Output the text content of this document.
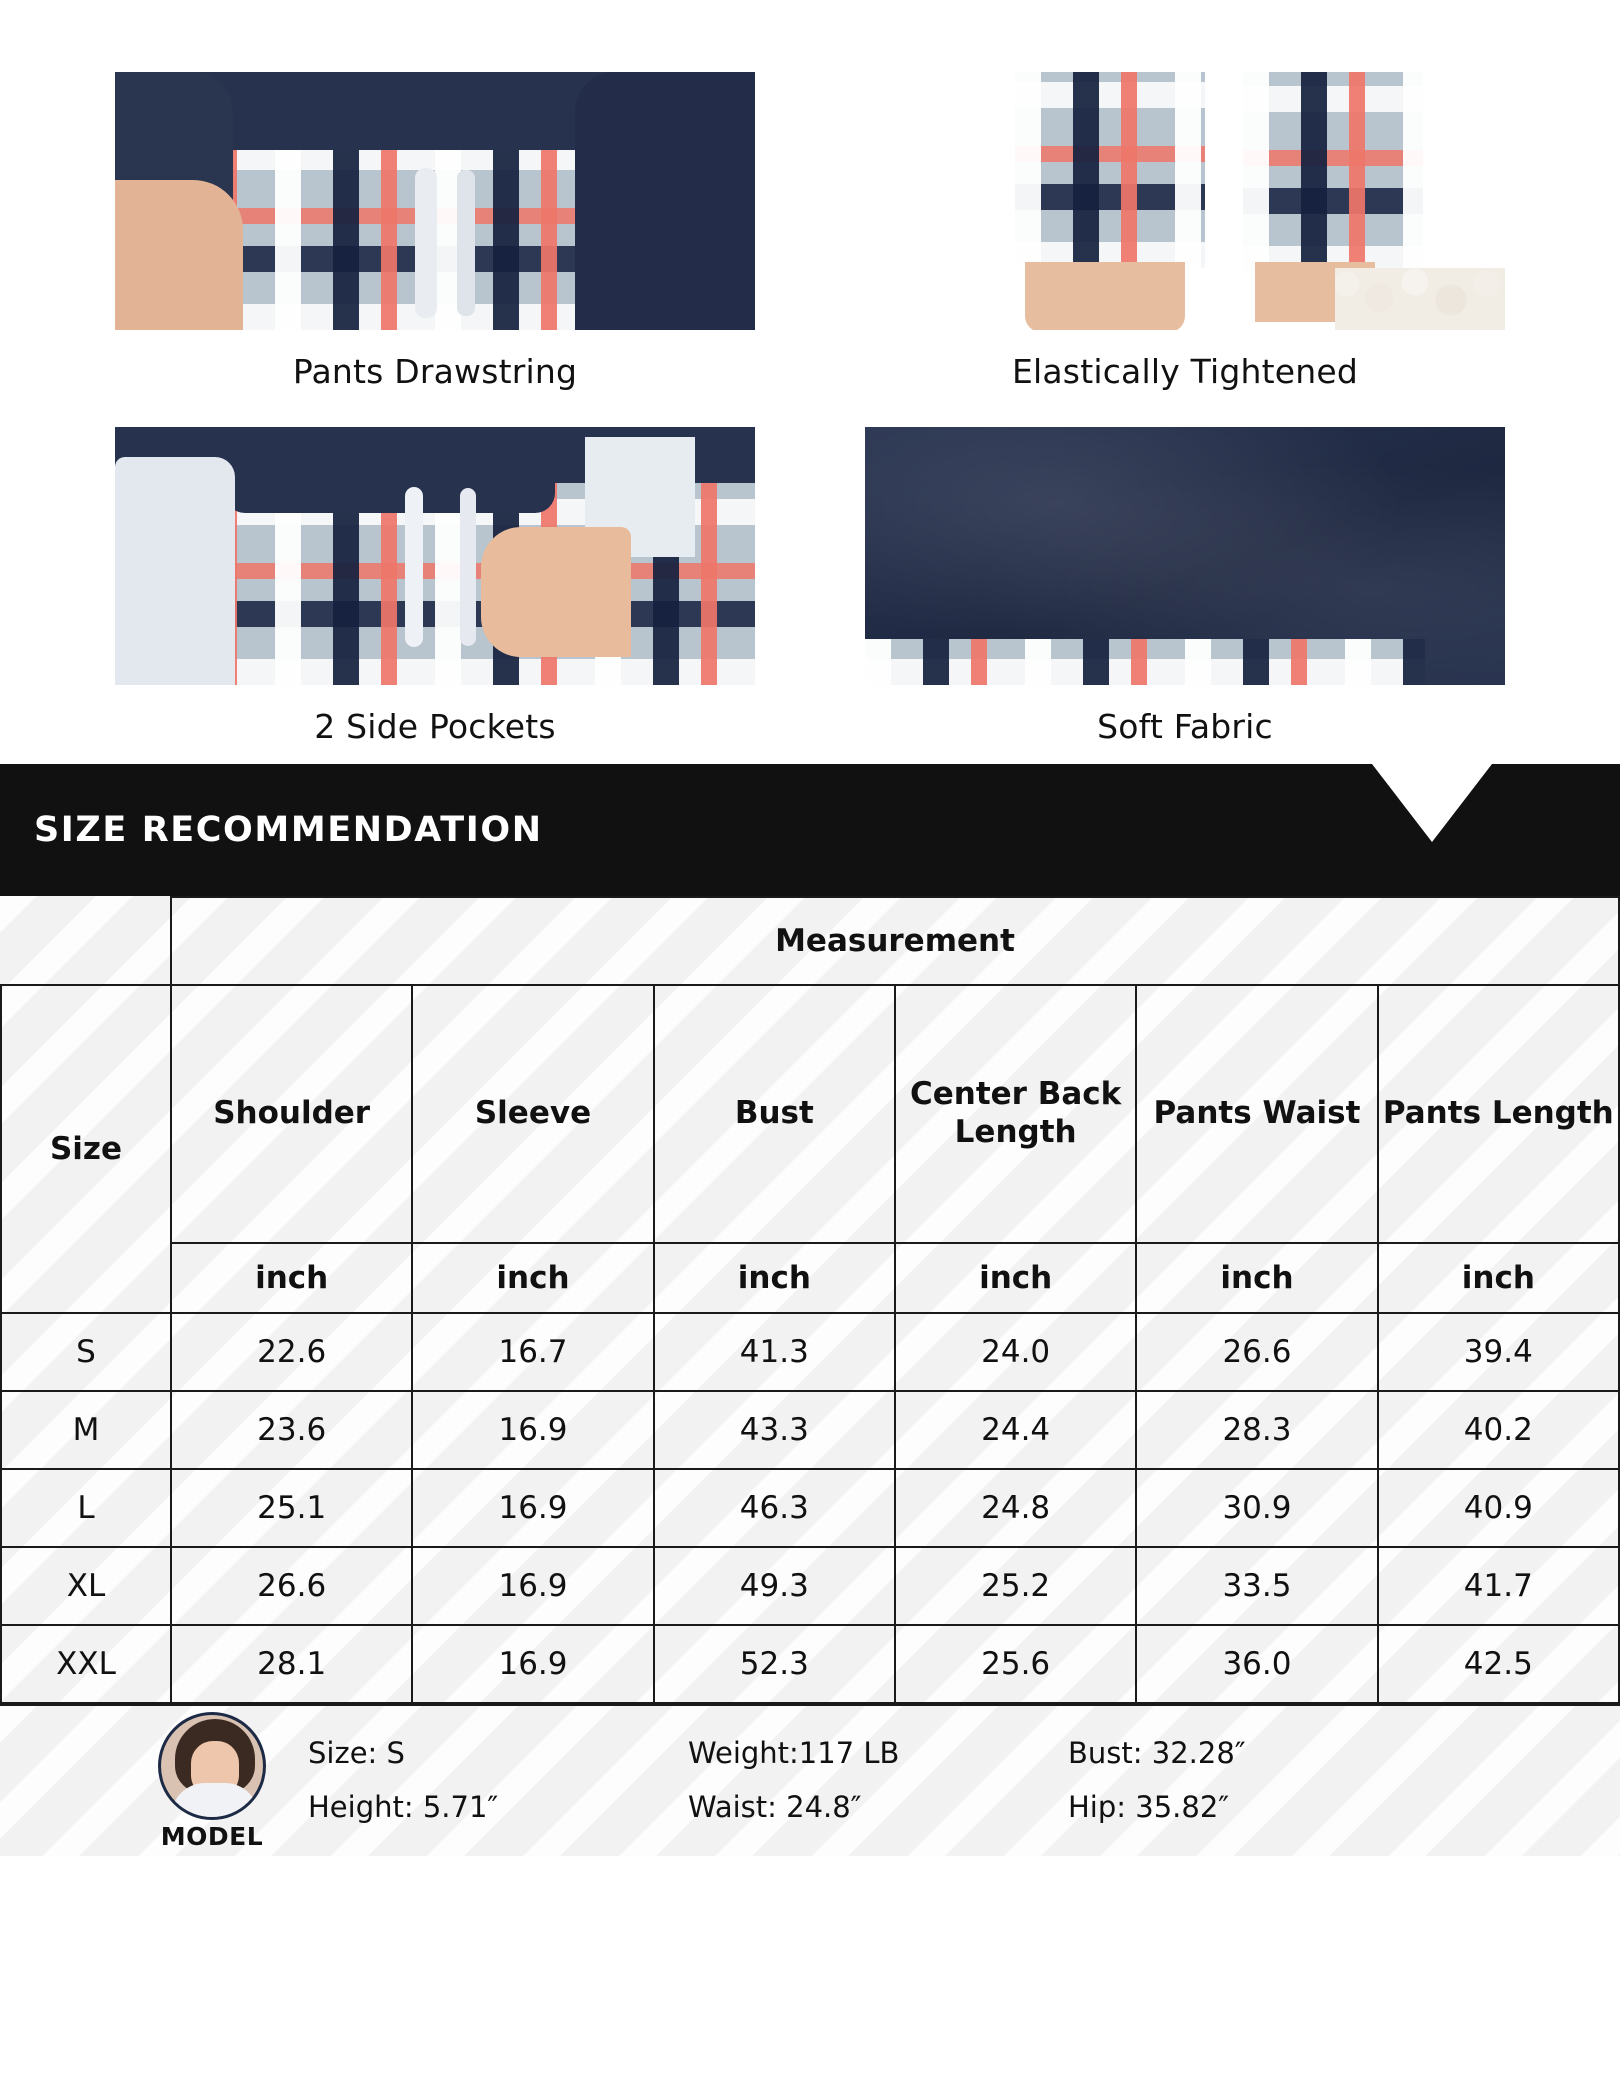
Pants Drawstring	Elastically Tightened
2 Side Pockets	Soft Fabric
SIZE RECOMMENDATION
	Measurement					
Size	Shoulder	Sleeve	Bust	Center Back Length	Pants Waist	Pants Length
	inch	inch	inch	inch	inch	inch
S	22.6	16.7	41.3	24.0	26.6	39.4
M	23.6	16.9	43.3	24.4	28.3	40.2
L	25.1	16.9	46.3	24.8	30.9	40.9
XL	26.6	16.9	49.3	25.2	33.5	41.7
XXL	28.1	16.9	52.3	25.6	36.0	42.5
MODEL
Size: S
Height: 5.71″
Weight:117 LB
Waist: 24.8″
Bust: 32.28″
Hip: 35.82″
